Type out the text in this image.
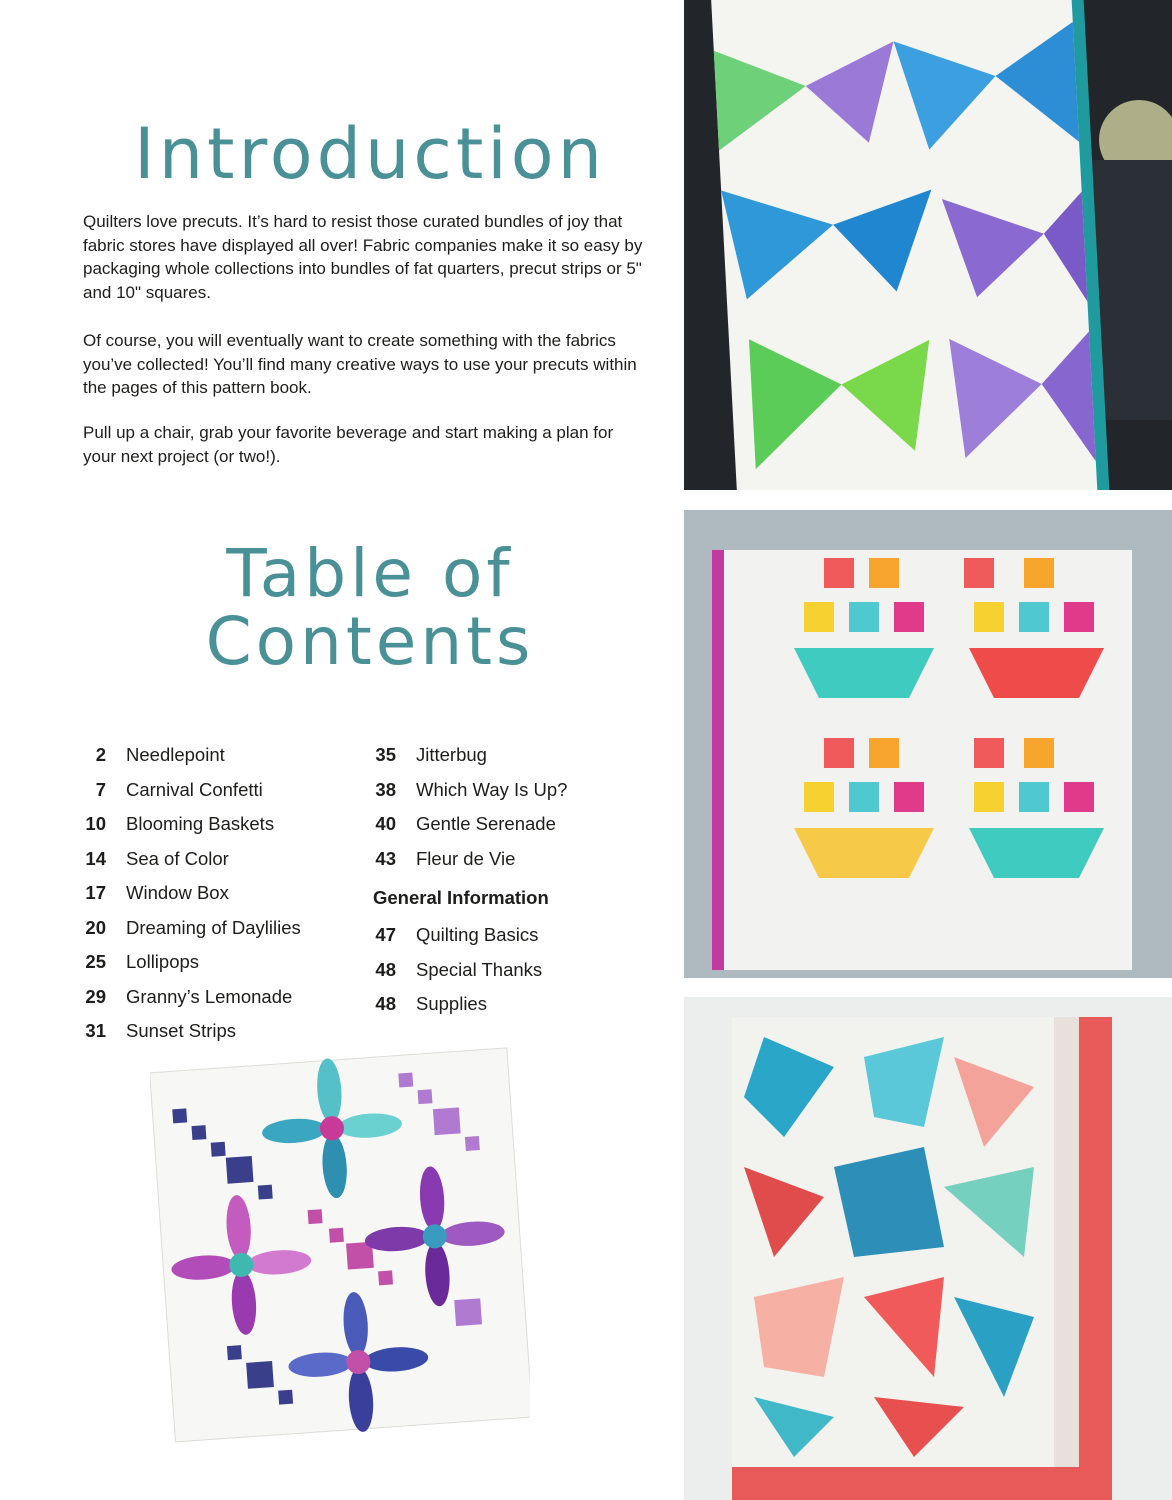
Introduction

Quilters love precuts. It’s hard to resist those curated bundles of joy that fabric stores have displayed all over! Fabric companies make it so easy by packaging whole collections into bundles of fat quarters, precut strips or 5" and 10" squares.

Of course, you will eventually want to create something with the fabrics you’ve collected! You’ll find many creative ways to use your precuts within the pages of this pattern book.

Pull up a chair, grab your favorite beverage and start making a plan for your next project (or two!).

Table of
Contents
2 Needlepoint
7 Carnival Confetti
10 Blooming Baskets
14 Sea of Color
17 Window Box
20 Dreaming of Daylilies
25 Lollipops
29 Granny’s Lemonade
31 Sunset Strips
35 Jitterbug
38 Which Way Is Up?
40 Gentle Serenade
43 Fleur de Vie
General Information
47 Quilting Basics
48 Special Thanks
48 Supplies
